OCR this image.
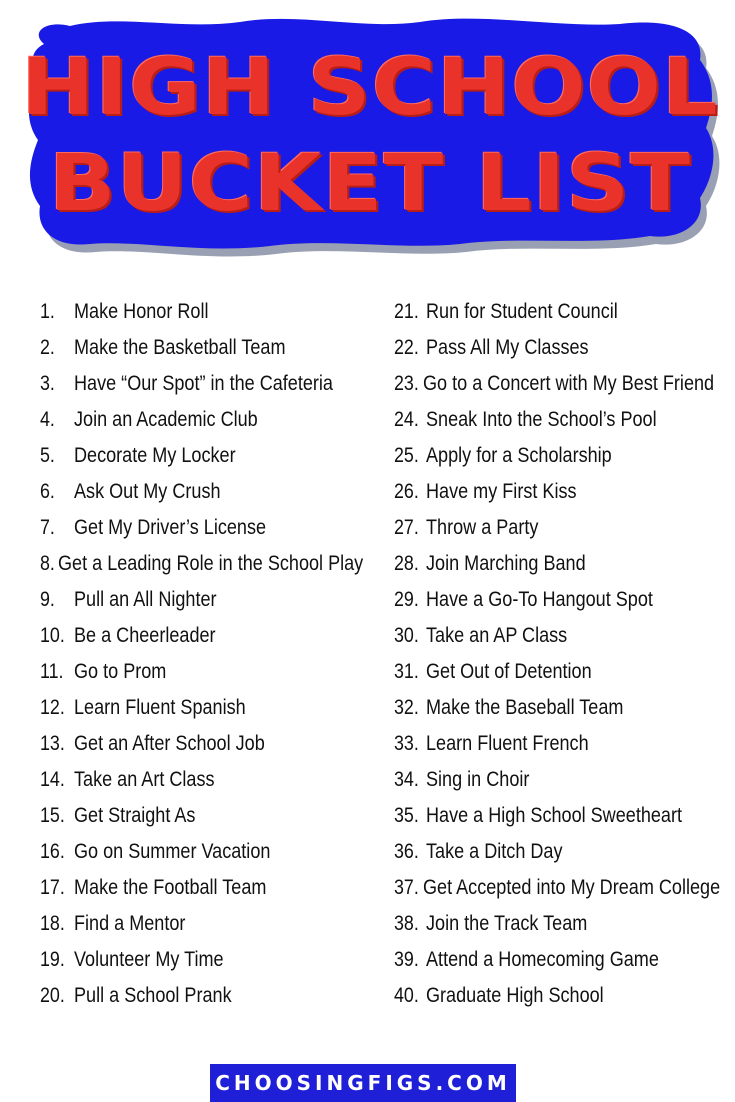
HIGH SCHOOL
BUCKET LIST
1. Make Honor Roll
2. Make the Basketball Team
3. Have “Our Spot” in the Cafeteria
4. Join an Academic Club
5. Decorate My Locker
6. Ask Out My Crush
7. Get My Driver’s License
8. Get a Leading Role in the School Play
9. Pull an All Nighter
10. Be a Cheerleader
11. Go to Prom
12. Learn Fluent Spanish
13. Get an After School Job
14. Take an Art Class
15. Get Straight As
16. Go on Summer Vacation
17. Make the Football Team
18. Find a Mentor
19. Volunteer My Time
20. Pull a School Prank
21. Run for Student Council
22. Pass All My Classes
23. Go to a Concert with My Best Friend
24. Sneak Into the School’s Pool
25. Apply for a Scholarship
26. Have my First Kiss
27. Throw a Party
28. Join Marching Band
29. Have a Go-To Hangout Spot
30. Take an AP Class
31. Get Out of Detention
32. Make the Baseball Team
33. Learn Fluent French
34. Sing in Choir
35. Have a High School Sweetheart
36. Take a Ditch Day
37. Get Accepted into My Dream College
38. Join the Track Team
39. Attend a Homecoming Game
40. Graduate High School
CHOOSINGFIGS.COM
